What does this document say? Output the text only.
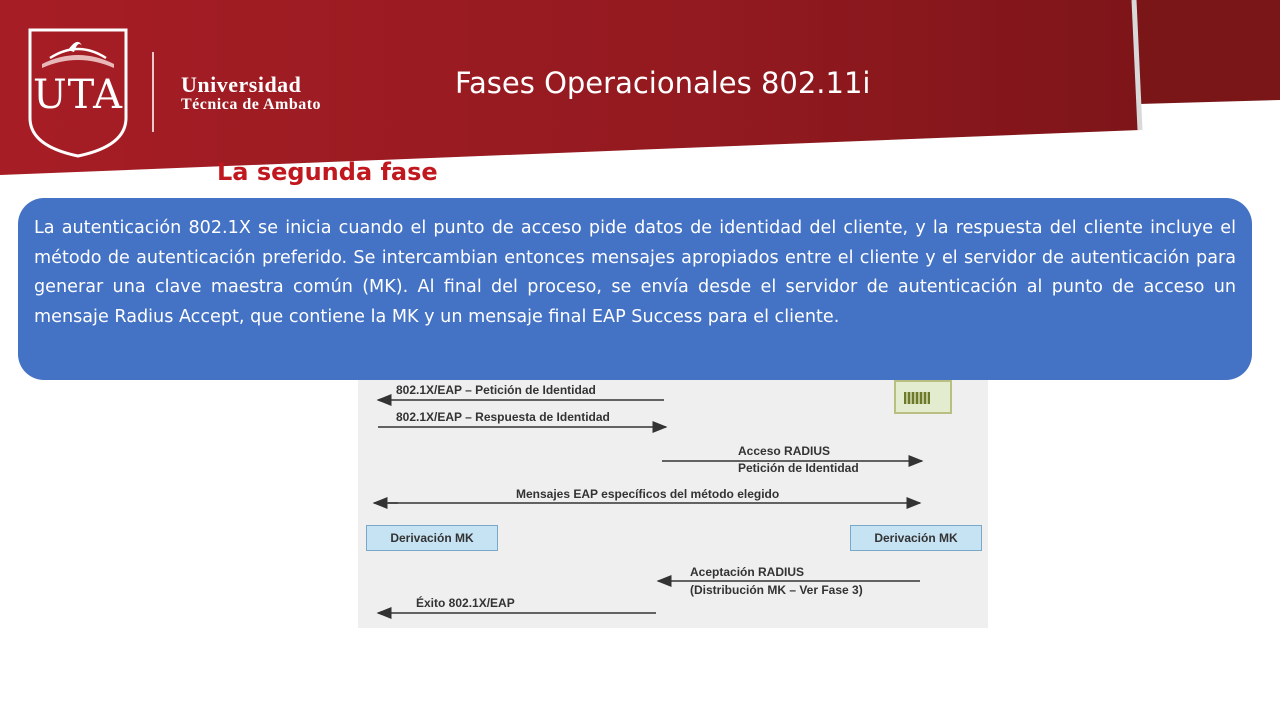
UTA	Universidad
Técnica de Ambato
Fases Operacionales 802.11i
La segunda fase
802.1X/EAP – Petición de Identidad
802.1X/EAP – Respuesta de Identidad
Acceso RADIUS
Petición de Identidad
Mensajes EAP específicos del método elegido
Aceptación RADIUS
(Distribución MK – Ver Fase 3)
Éxito 802.1X/EAP
Derivación MK	Derivación MK

La autenticación 802.1X se inicia cuando el punto de acceso pide datos de identidad del cliente, y la respuesta del cliente incluye el método de autenticación preferido. Se intercambian entonces mensajes apropiados entre el cliente y el servidor de autenticación para generar una clave maestra común (MK). Al final del proceso, se envía desde el servidor de autenticación al punto de acceso un mensaje Radius Accept, que contiene la MK y un mensaje final EAP Success para el cliente.
